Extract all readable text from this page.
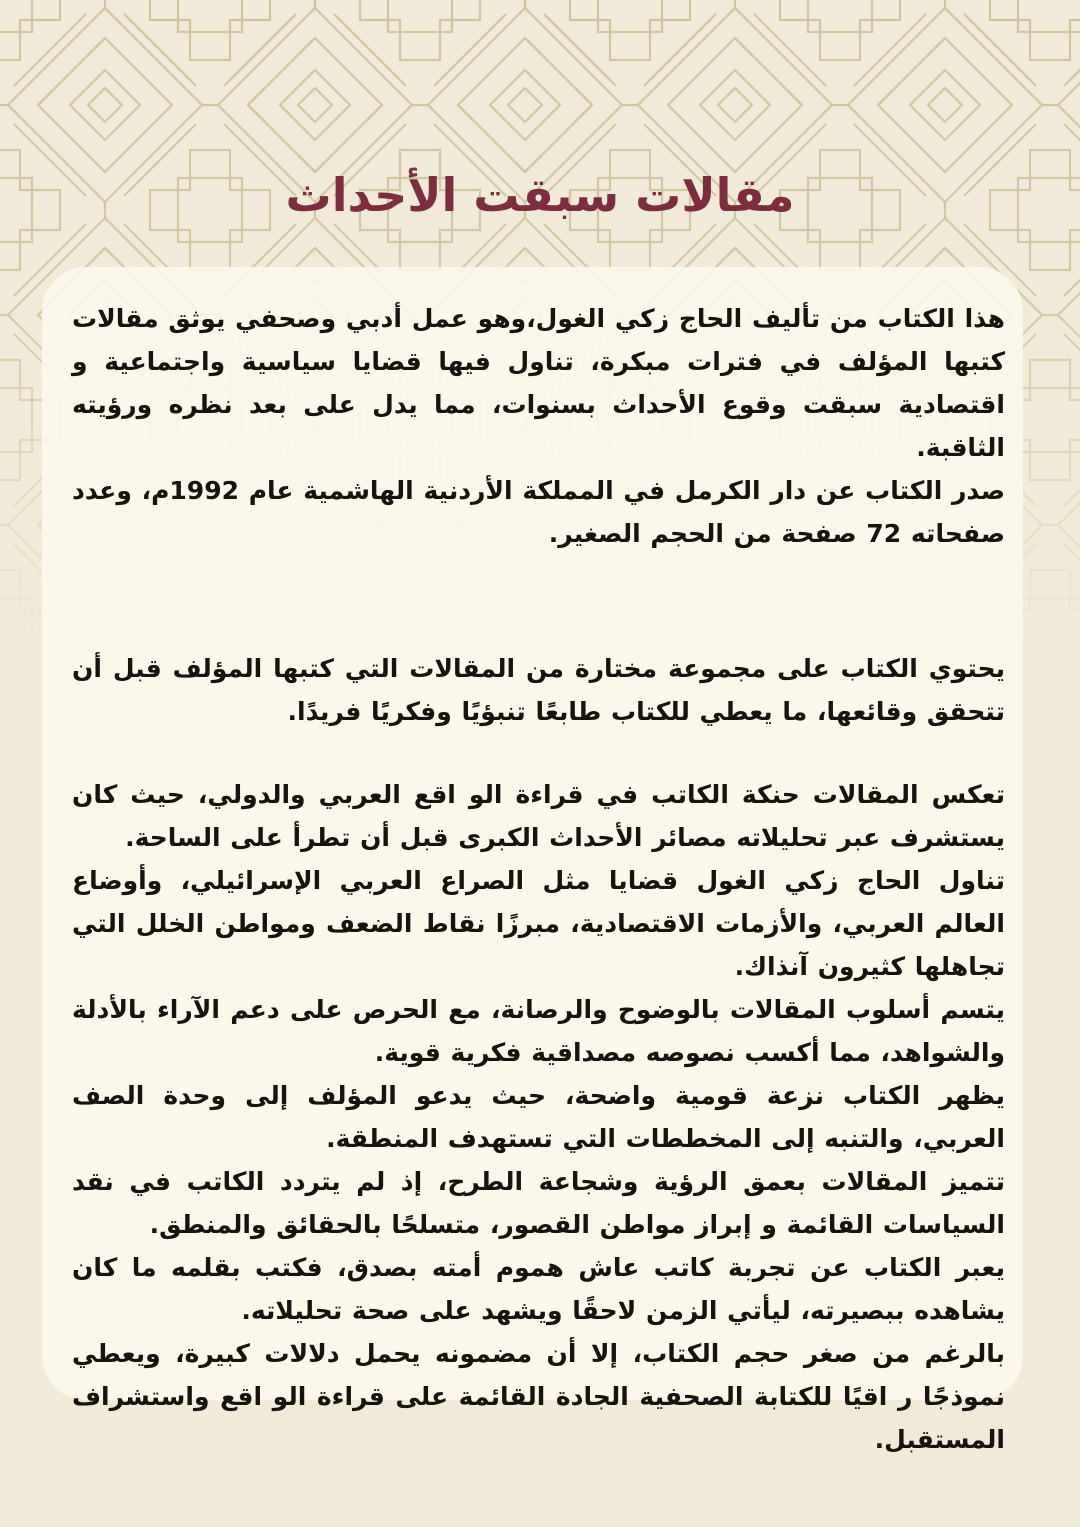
مقالات سبقت الأحداث

هذا الكتاب من تأليف الحاج زكي الغول،وهو عمل أدبي وصحفي يوثق مقالات كتبها المؤلف في فترات مبكرة، تناول فيها قضايا سياسية واجتماعية و اقتصادية سبقت وقوع الأحداث بسنوات، مما يدل على بعد نظره ورؤيته الثاقبة.

صدر الكتاب عن دار الكرمل في المملكة الأردنية الهاشمية عام 1992م، وعدد صفحاته 72 صفحة من الحجم الصغير.

يحتوي الكتاب على مجموعة مختارة من المقالات التي كتبها المؤلف قبل أن تتحقق وقائعها، ما يعطي للكتاب طابعًا تنبؤيًا وفكريًا فريدًا.

تعكس المقالات حنكة الكاتب في قراءة الو اقع العربي والدولي، حيث كان يستشرف عبر تحليلاته مصائر الأحداث الكبرى قبل أن تطرأ على الساحة.

تناول الحاج زكي الغول قضايا مثل الصراع العربي الإسرائيلي، وأوضاع العالم العربي، والأزمات الاقتصادية، مبرزًا نقاط الضعف ومواطن الخلل التي تجاهلها كثيرون آنذاك.

يتسم أسلوب المقالات بالوضوح والرصانة، مع الحرص على دعم الآراء بالأدلة والشواهد، مما أكسب نصوصه مصداقية فكرية قوية.

يظهر الكتاب نزعة قومية واضحة، حيث يدعو المؤلف إلى وحدة الصف العربي، والتنبه إلى المخططات التي تستهدف المنطقة.

تتميز المقالات بعمق الرؤية وشجاعة الطرح، إذ لم يتردد الكاتب في نقد السياسات القائمة و إبراز مواطن القصور، متسلحًا بالحقائق والمنطق.

يعبر الكتاب عن تجربة كاتب عاش هموم أمته بصدق، فكتب بقلمه ما كان يشاهده ببصيرته، ليأتي الزمن لاحقًا ويشهد على صحة تحليلاته.

بالرغم من صغر حجم الكتاب، إلا أن مضمونه يحمل دلالات كبيرة، ويعطي نموذجًا ر اقيًا للكتابة الصحفية الجادة القائمة على قراءة الو اقع واستشراف المستقبل.
